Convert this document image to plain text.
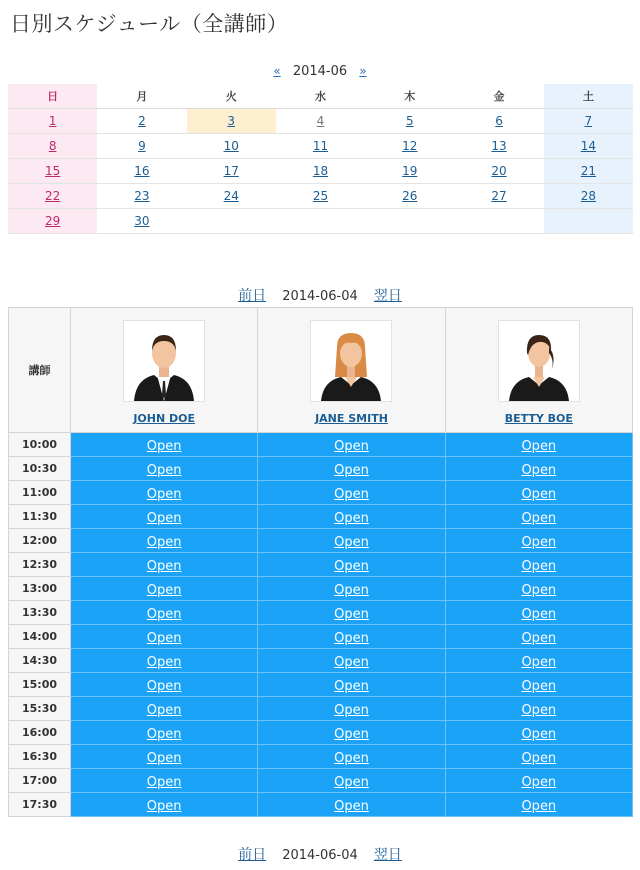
日別スケジュール（全講師）
« 2014-06 »
日	月	火	水	木	金	土
1	2	3	4	5	6	7
8	9	10	11	12	13	14
15	16	17	18	19	20	21
22	23	24	25	26	27	28
29	30					
前日 2014-06-04 翌日
講師	JOHN DOE	JANE SMITH	BETTY BOE

10:00	Open	Open	Open
10:30	Open	Open	Open
11:00	Open	Open	Open
11:30	Open	Open	Open
12:00	Open	Open	Open
12:30	Open	Open	Open
13:00	Open	Open	Open
13:30	Open	Open	Open
14:00	Open	Open	Open
14:30	Open	Open	Open
15:00	Open	Open	Open
15:30	Open	Open	Open
16:00	Open	Open	Open
16:30	Open	Open	Open
17:00	Open	Open	Open
17:30	Open	Open	Open
前日 2014-06-04 翌日
